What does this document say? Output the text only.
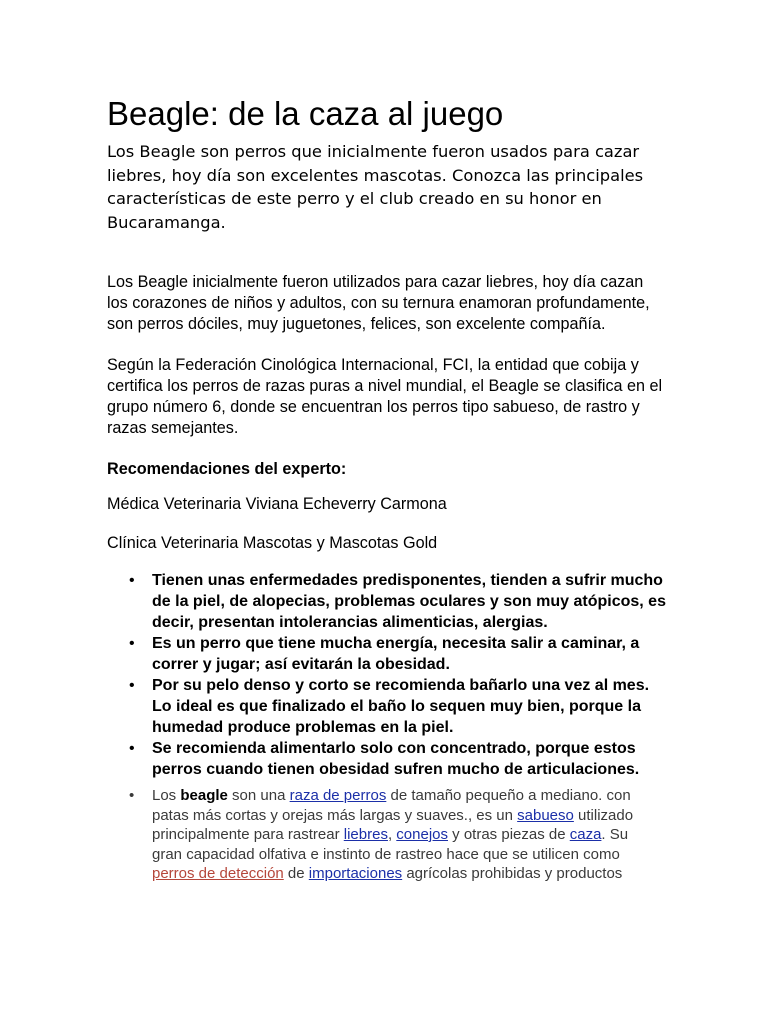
Beagle: de la caza al juego

Los Beagle son perros que inicialmente fueron usados para cazar liebres, hoy día son excelentes mascotas. Conozca las principales características de este perro y el club creado en su honor en Bucaramanga.

Los Beagle inicialmente fueron utilizados para cazar liebres, hoy día cazan los corazones de niños y adultos, con su ternura enamoran profundamente, son perros dóciles, muy juguetones, felices, son excelente compañía.

Según la Federación Cinológica Internacional, FCI, la entidad que cobija y certifica los perros de razas puras a nivel mundial, el Beagle se clasifica en el grupo número 6, donde se encuentran los perros tipo sabueso, de rastro y razas semejantes.

Recomendaciones del experto:

Médica Veterinaria Viviana Echeverry Carmona

Clínica Veterinaria Mascotas y Mascotas Gold

• Tienen unas enfermedades predisponentes, tienden a sufrir mucho de la piel, de alopecias, problemas oculares y son muy atópicos, es decir, presentan intolerancias alimenticias, alergias.
• Es un perro que tiene mucha energía, necesita salir a caminar, a correr y jugar; así evitarán la obesidad.
• Por su pelo denso y corto se recomienda bañarlo una vez al mes. Lo ideal es que finalizado el baño lo sequen muy bien, porque la humedad produce problemas en la piel.
• Se recomienda alimentarlo solo con concentrado, porque estos perros cuando tienen obesidad sufren mucho de articulaciones.
• Los beagle son una raza de perros de tamaño pequeño a mediano. con patas más cortas y orejas más largas y suaves., es un sabueso utilizado principalmente para rastrear liebres, conejos y otras piezas de caza. Su gran capacidad olfativa e instinto de rastreo hace que se utilicen como perros de detección de importaciones agrícolas prohibidas y productos
